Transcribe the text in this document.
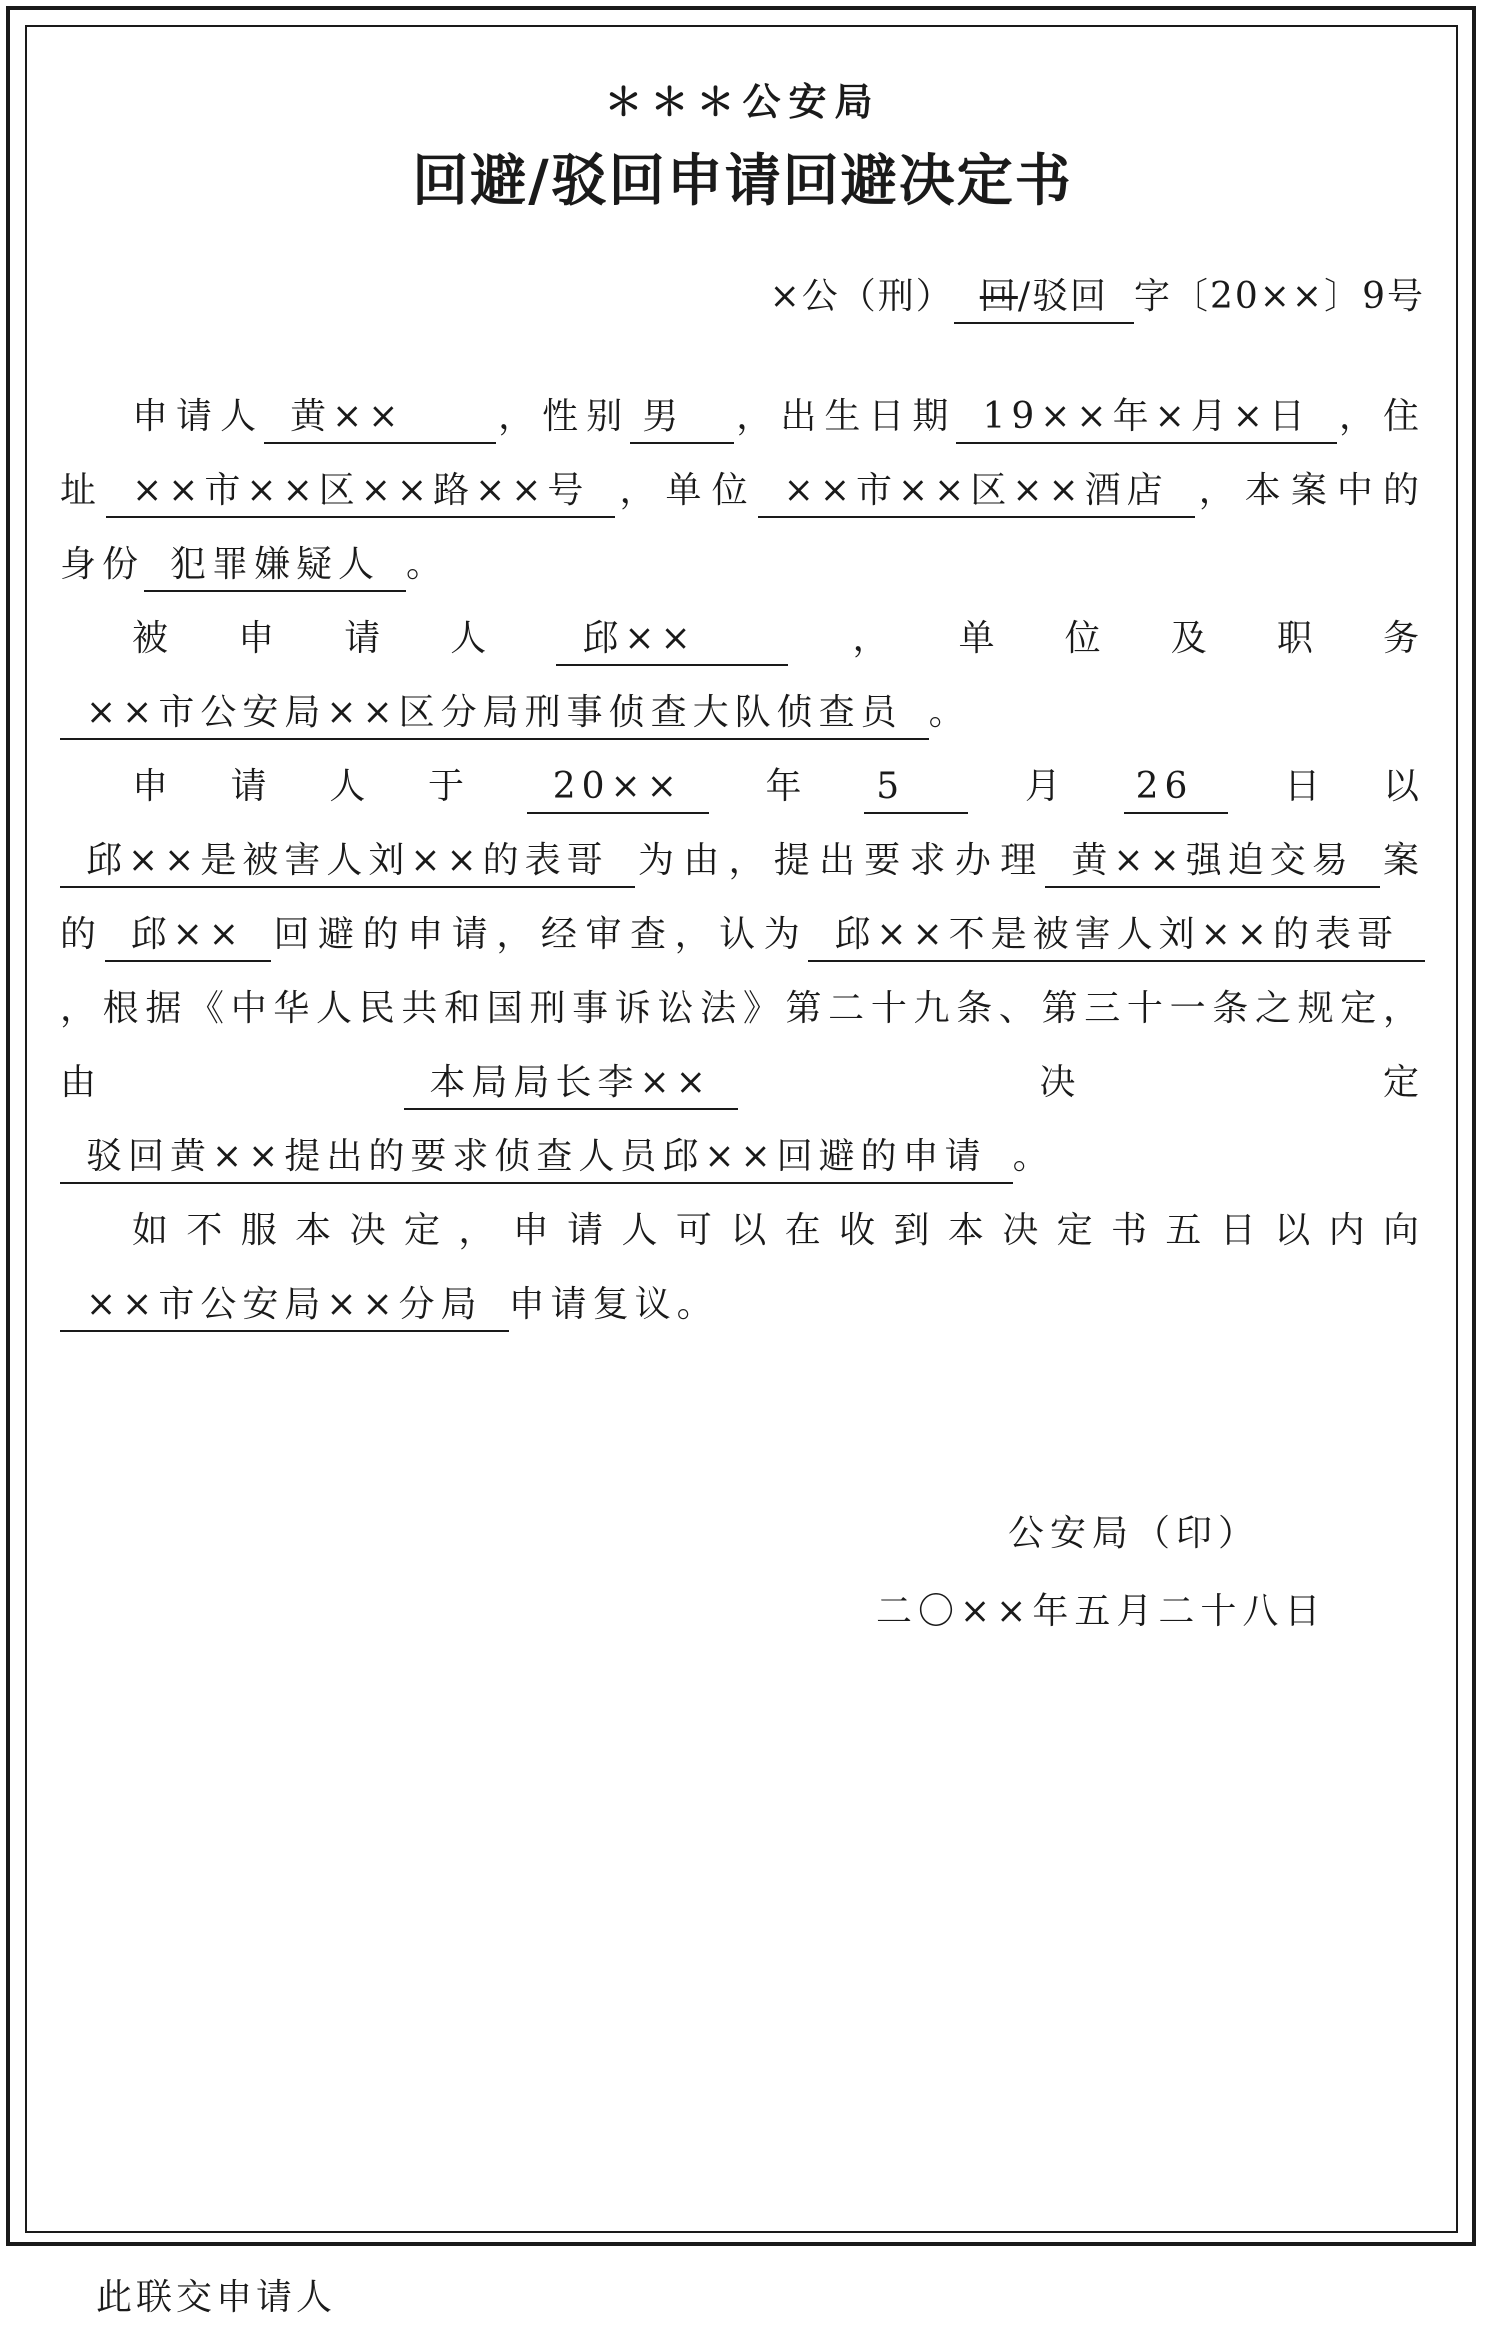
＊＊＊公安局
回避/驳回申请回避决定书
×公（刑） 回/驳回 字〔20××〕9号

申请人 黄××	，性别 男 ，出生日期 19××年×月×日 ，住址 ××市××区××路××号 ，单位 ××市××区××酒店 ，本案中的身份 犯罪嫌疑人 。

被申请人 邱××	，单位及职务××市公安局××区分局刑事侦查大队侦查员 。

申请人于 20×× 年 5 月 26 日以邱××是被害人刘××的表哥 为由，提出要求办理 黄××强迫交易 案的 邱×× 回避的申请，经审查，认为 邱××不是被害人刘××的表哥，根据《中华人民共和国刑事诉讼法》第二十九条、第三十一条之规定，由 本局局长李×× 决定驳回黄××提出的要求侦查人员邱××回避的申请 。

如不服本决定，申请人可以在收到本决定书五日以内向××市公安局××分局 申请复议。

公安局（印）
二〇××年五月二十八日
此联交申请人
